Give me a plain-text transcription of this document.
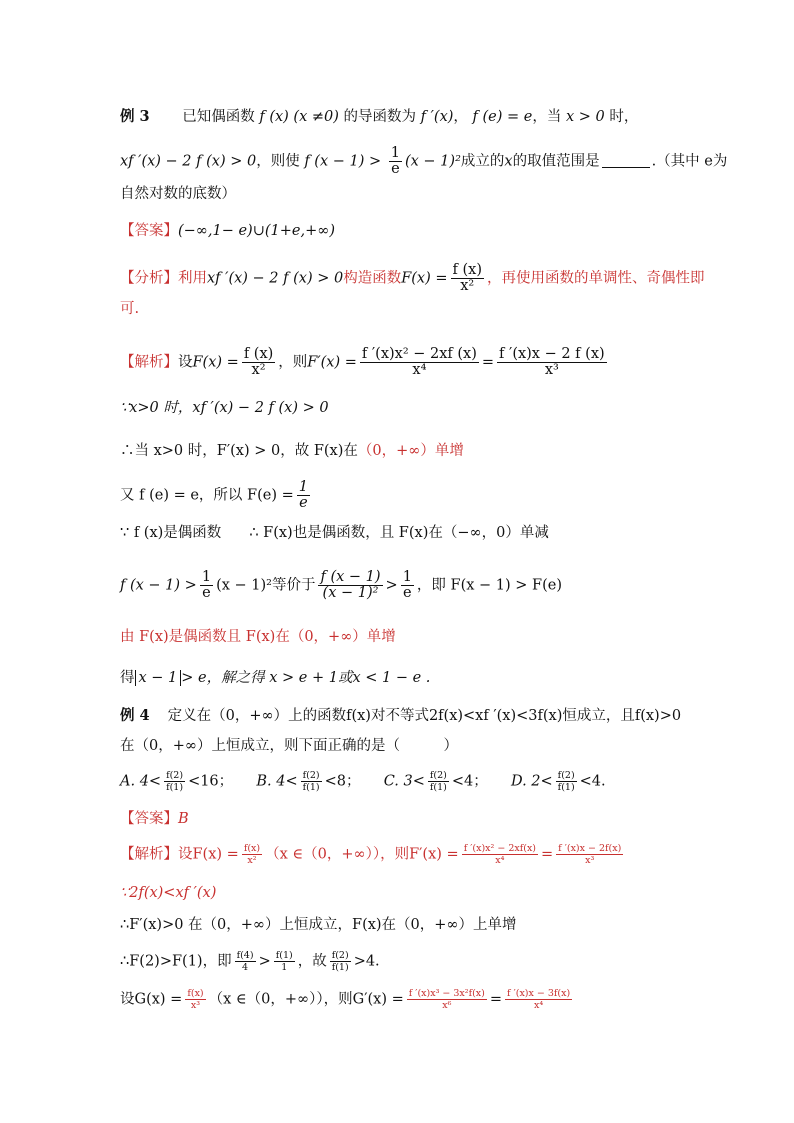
例 3 已知偶函数 f (x) (x ≠0) 的导函数为 f ′(x)， f (e) = e，当 x > 0 时，
xf ′(x) − 2 f (x) > 0，则使 f $(x - 1) > \frac{1}{e} (x - 1)^2$成立的x的取值范围是	.（其中 e为
自然对数的底数）
【答案】(−∞,1− e)∪(1+e,+∞)
【分析】利用xf ′(x) − 2 f (x) > 0构造函数$F(x) = \frac{f (x)}{\text{x²}}$ ，再使用函数的单调性、奇偶性即
可.
【解析】设$F(x) = \frac{f (x)}{\text{x²}}$ ，则$F'(x) = \frac{\text{f ′(x)x² − 2xf (x)}}{\text{x⁴}} = \frac{f '(x)x - 2 f (x)}{\text{x³}}$
∵x>0 时，xf ′(x) − 2 f (x) > 0
∴当 x>0 时，F′(x) > 0，故 F(x)在（0，+∞）单增
又 f (e) = e，所以 $F(e) = \frac{1}{e}$
∵ f (x)是偶函数 ∴ F(x)也是偶函数，且 F(x)在（−∞，0）单减
f $(x - 1) > \frac{1}{e} (x - 1)^2$等价于 $\frac{f (x - 1)}{\text{(x − 1)²}} > \frac{1}{e}$ ，即 F(x − 1) > F(e)
由 F(x)是偶函数且 F(x)在（0，+∞）单增
得 x − 1 > e，解之得 x > e + 1或x < 1 − e .
例 4 定义在（0，+∞）上的函数f(x)对不等式2f(x)<xf ′(x)<3f(x)恒成立，且f(x)>0
在（0，+∞）上恒成立，则下面正确的是（　　　）
A. $4< \frac{f(2)}{f(1)} <16$； B. $4< \frac{f(2)}{f(1)} <8$； C. $3< \frac{f(2)}{f(1)} <4$； D. $2< \frac{f(2)}{f(1)} <4$.
【答案】B
【解析】设$F(x) = \frac{f(x)}{\text{x²}} (x$ ∈（0，+∞）），则$F'(x) = \frac{\text{f ′(x)x² − 2xf(x)}}{\text{x⁴}} = \frac{f '(x)x - 2f(x)}{\text{x³}}$
∵2f(x)<xf ′(x)
∴F′(x)>0 在（0，+∞）上恒成立，F(x)在（0，+∞）上单增
∴F(2)>F(1)，即 $\frac{f(4)}{4} > \frac{f(1)}{1}$ ，故 $\frac{f(2)}{f(1)} >4$.
设$G(x) = \frac{f(x)}{\text{x³}} (x$ ∈（0，+∞）），则$G'(x) = \frac{\text{f ′(x)x³ − 3x²f(x)}}{\text{x⁶}} = \frac{f '(x)x - 3f(x)}{\text{x⁴}}$
